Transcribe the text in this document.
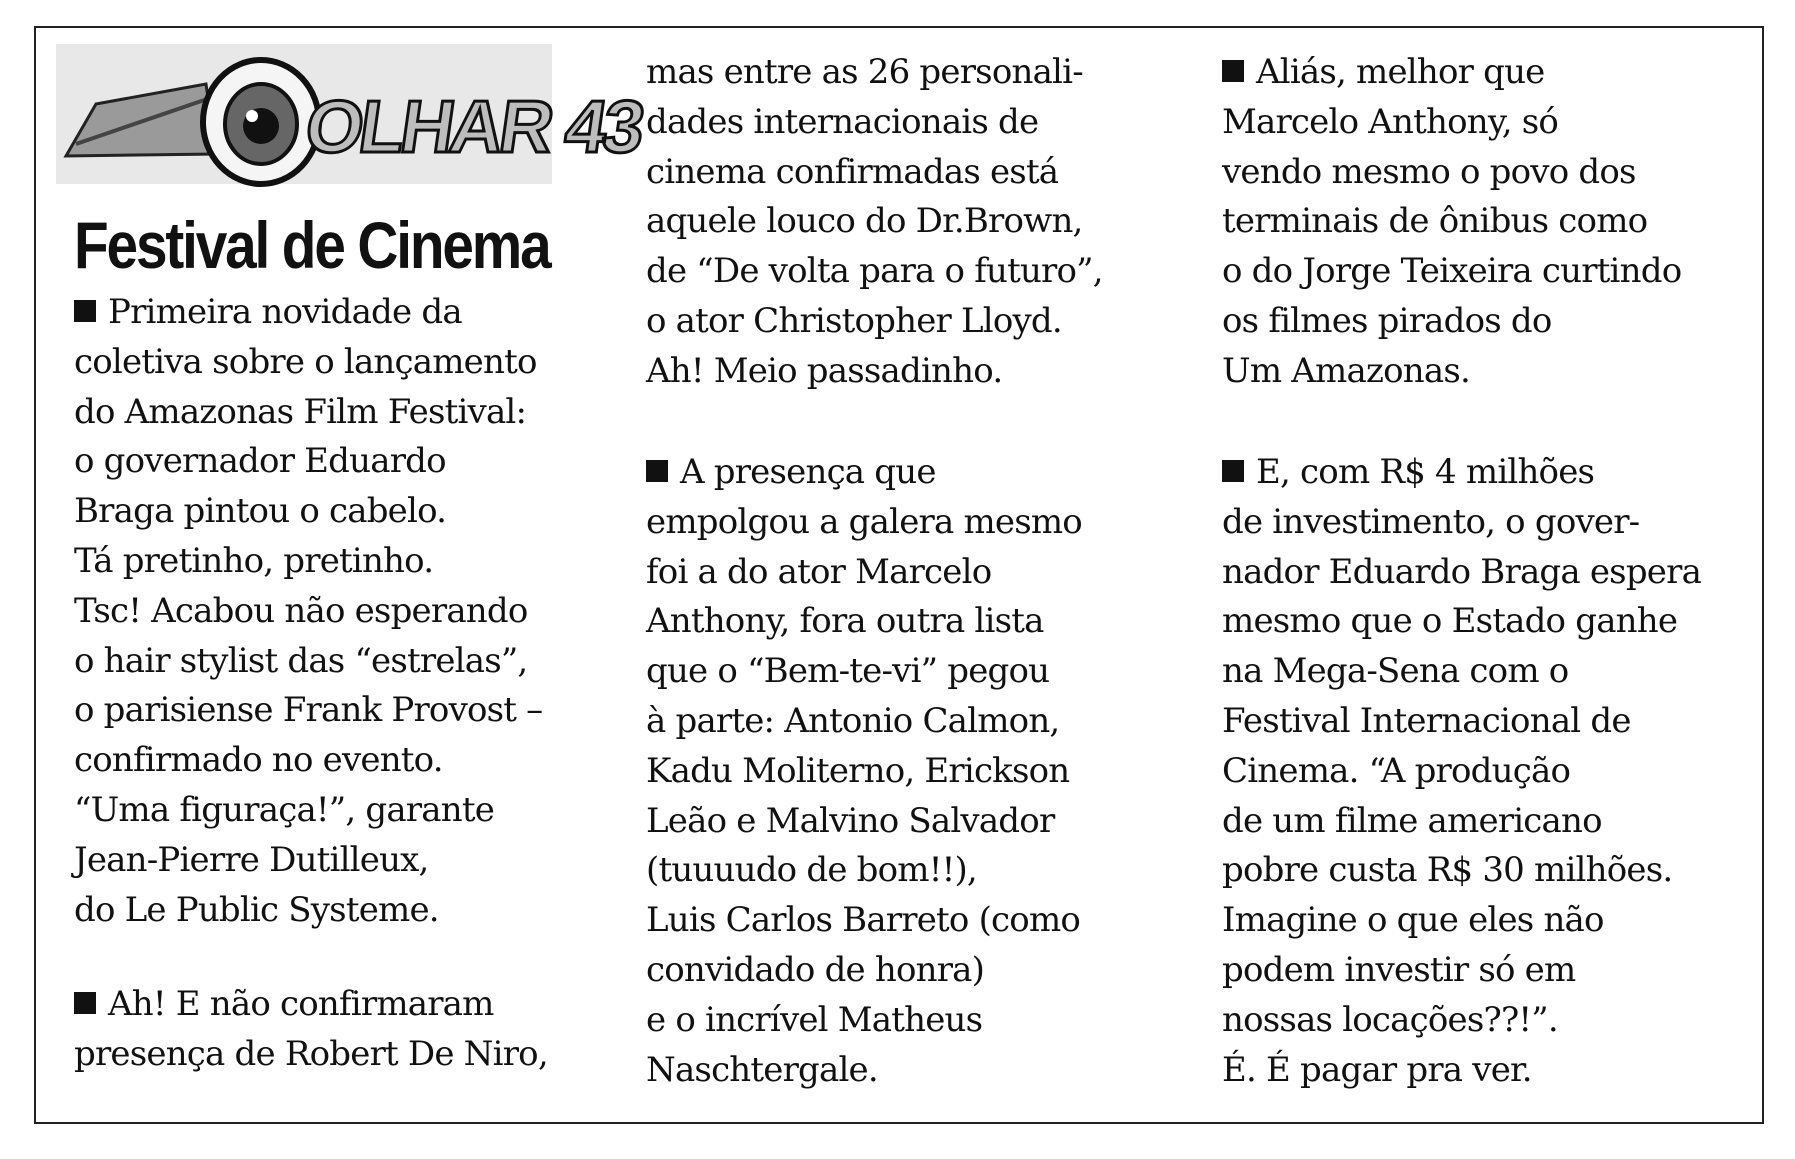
OLHAR 43
Festival de Cinema

Primeira novidade da

coletiva sobre o lançamento

do Amazonas Film Festival:

o governador Eduardo

Braga pintou o cabelo.

Tá pretinho, pretinho.

Tsc! Acabou não esperando

o hair stylist das “estrelas”,

o parisiense Frank Provost –

confirmado no evento.

“Uma figuraça!”, garante

Jean-Pierre Dutilleux,

do Le Public Systeme.

Ah! E não confirmaram

presença de Robert De Niro,

A presença que

empolgou a galera mesmo

foi a do ator Marcelo

Anthony, fora outra lista

que o “Bem-te-vi” pegou

à parte: Antonio Calmon,

Kadu Moliterno, Erickson

Leão e Malvino Salvador

(tuuuudo de bom!!),

Luis Carlos Barreto (como

convidado de honra)

e o incrível Matheus

Naschtergale.

Aliás, melhor que

Marcelo Anthony, só

vendo mesmo o povo dos

terminais de ônibus como

o do Jorge Teixeira curtindo

os filmes pirados do

Um Amazonas.

E, com R$ 4 milhões

de investimento, o gover-

nador Eduardo Braga espera

mesmo que o Estado ganhe

na Mega-Sena com o

Festival Internacional de

Cinema. “A produção

de um filme americano

pobre custa R$ 30 milhões.

Imagine o que eles não

podem investir só em

nossas locações??!”.

É. É pagar pra ver.

mas entre as 26 personali-

dades internacionais de

cinema confirmadas está

aquele louco do Dr.Brown,

de “De volta para o futuro”,

o ator Christopher Lloyd.

Ah! Meio passadinho.
